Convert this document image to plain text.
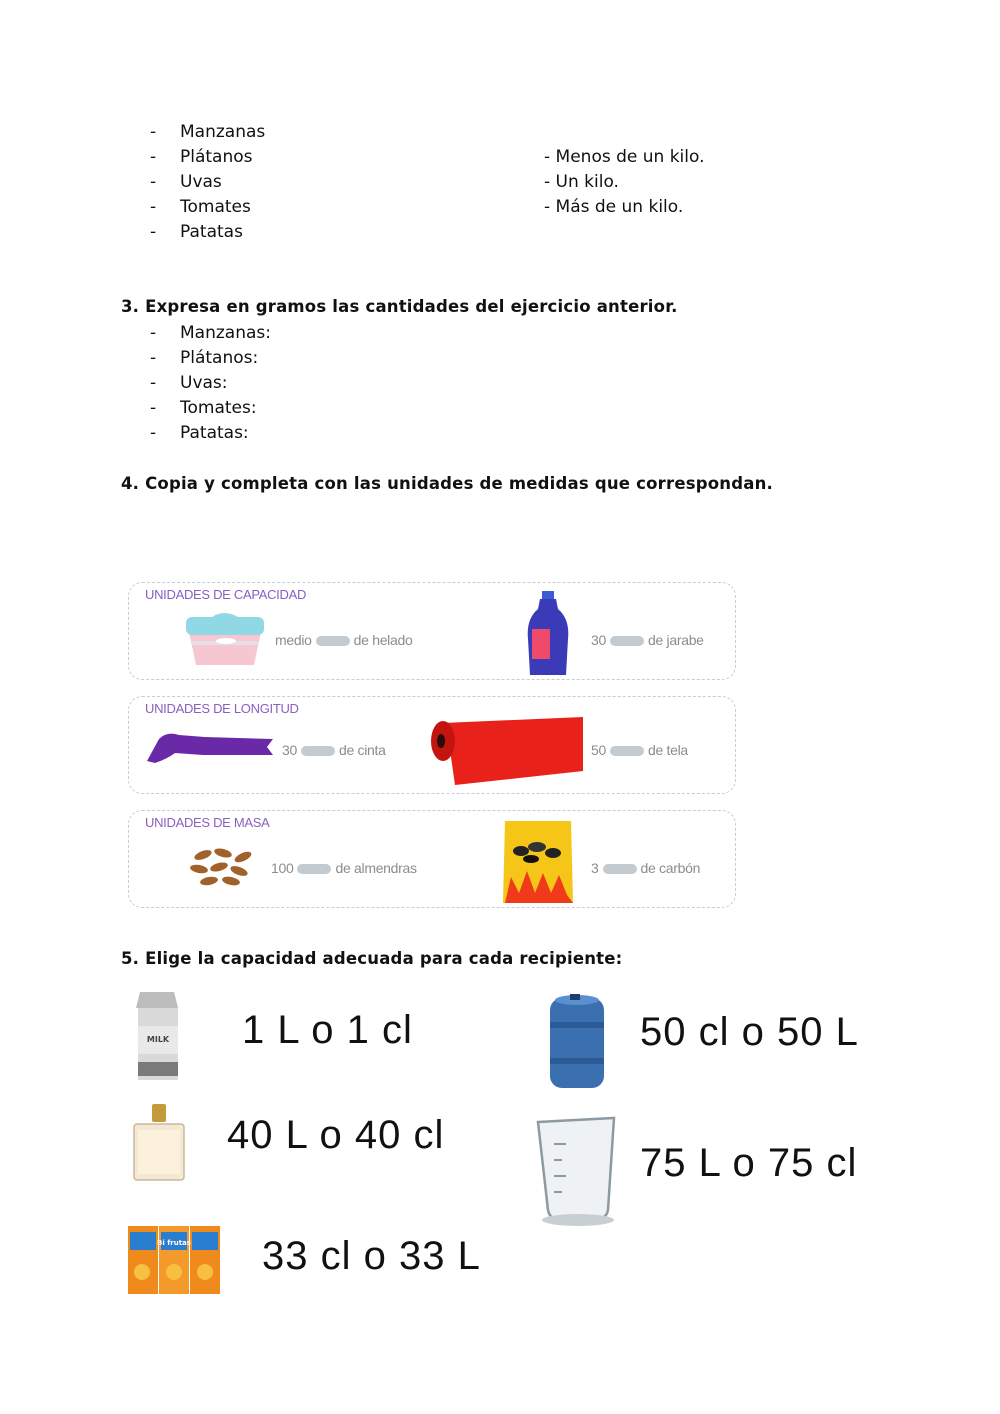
- Manzanas
- Plátanos
- Uvas
- Tomates
- Patatas
- Menos de un kilo.
- Un kilo.
- Más de un kilo.
3. Expresa en gramos las cantidades del ejercicio anterior.
- Manzanas:
- Plátanos:
- Uvas:
- Tomates:
- Patatas:
4. Copia y completa con las unidades de medidas que correspondan.
UNIDADES DE CAPACIDAD
medio	de helado	30	de jarabe
UNIDADES DE LONGITUD
30	de cinta	50	de tela
UNIDADES DE MASA
100	de almendras	3	de carbón
5. Elige la capacidad adecuada para cada recipiente:
MILK 1 L o 1 cl	50 cl o 50 L
40 L o 40 cl
75 L o 75 cl
Bi frutas 33 cl o 33 L
